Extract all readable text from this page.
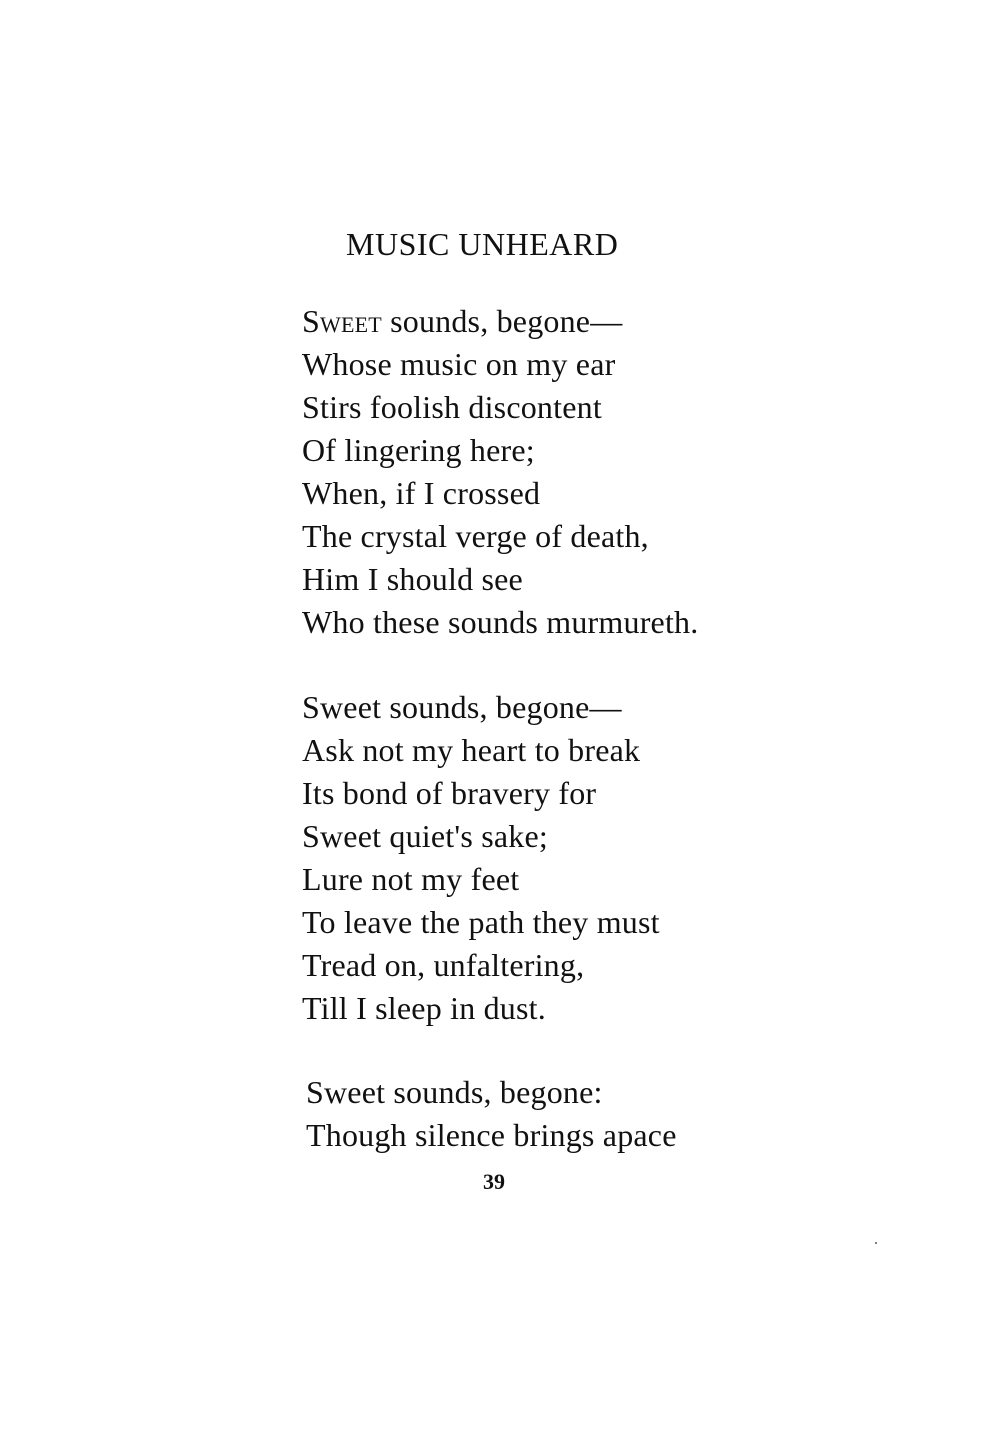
MUSIC UNHEARD
Sweet sounds, begone—
Whose music on my ear
Stirs foolish discontent
Of lingering here;
When, if I crossed
The crystal verge of death,
Him I should see
Who these sounds murmureth.
Sweet sounds, begone—
Ask not my heart to break
Its bond of bravery for
Sweet quiet's sake;
Lure not my feet
To leave the path they must
Tread on, unfaltering,
Till I sleep in dust.
Sweet sounds, begone:
Though silence brings apace
39
